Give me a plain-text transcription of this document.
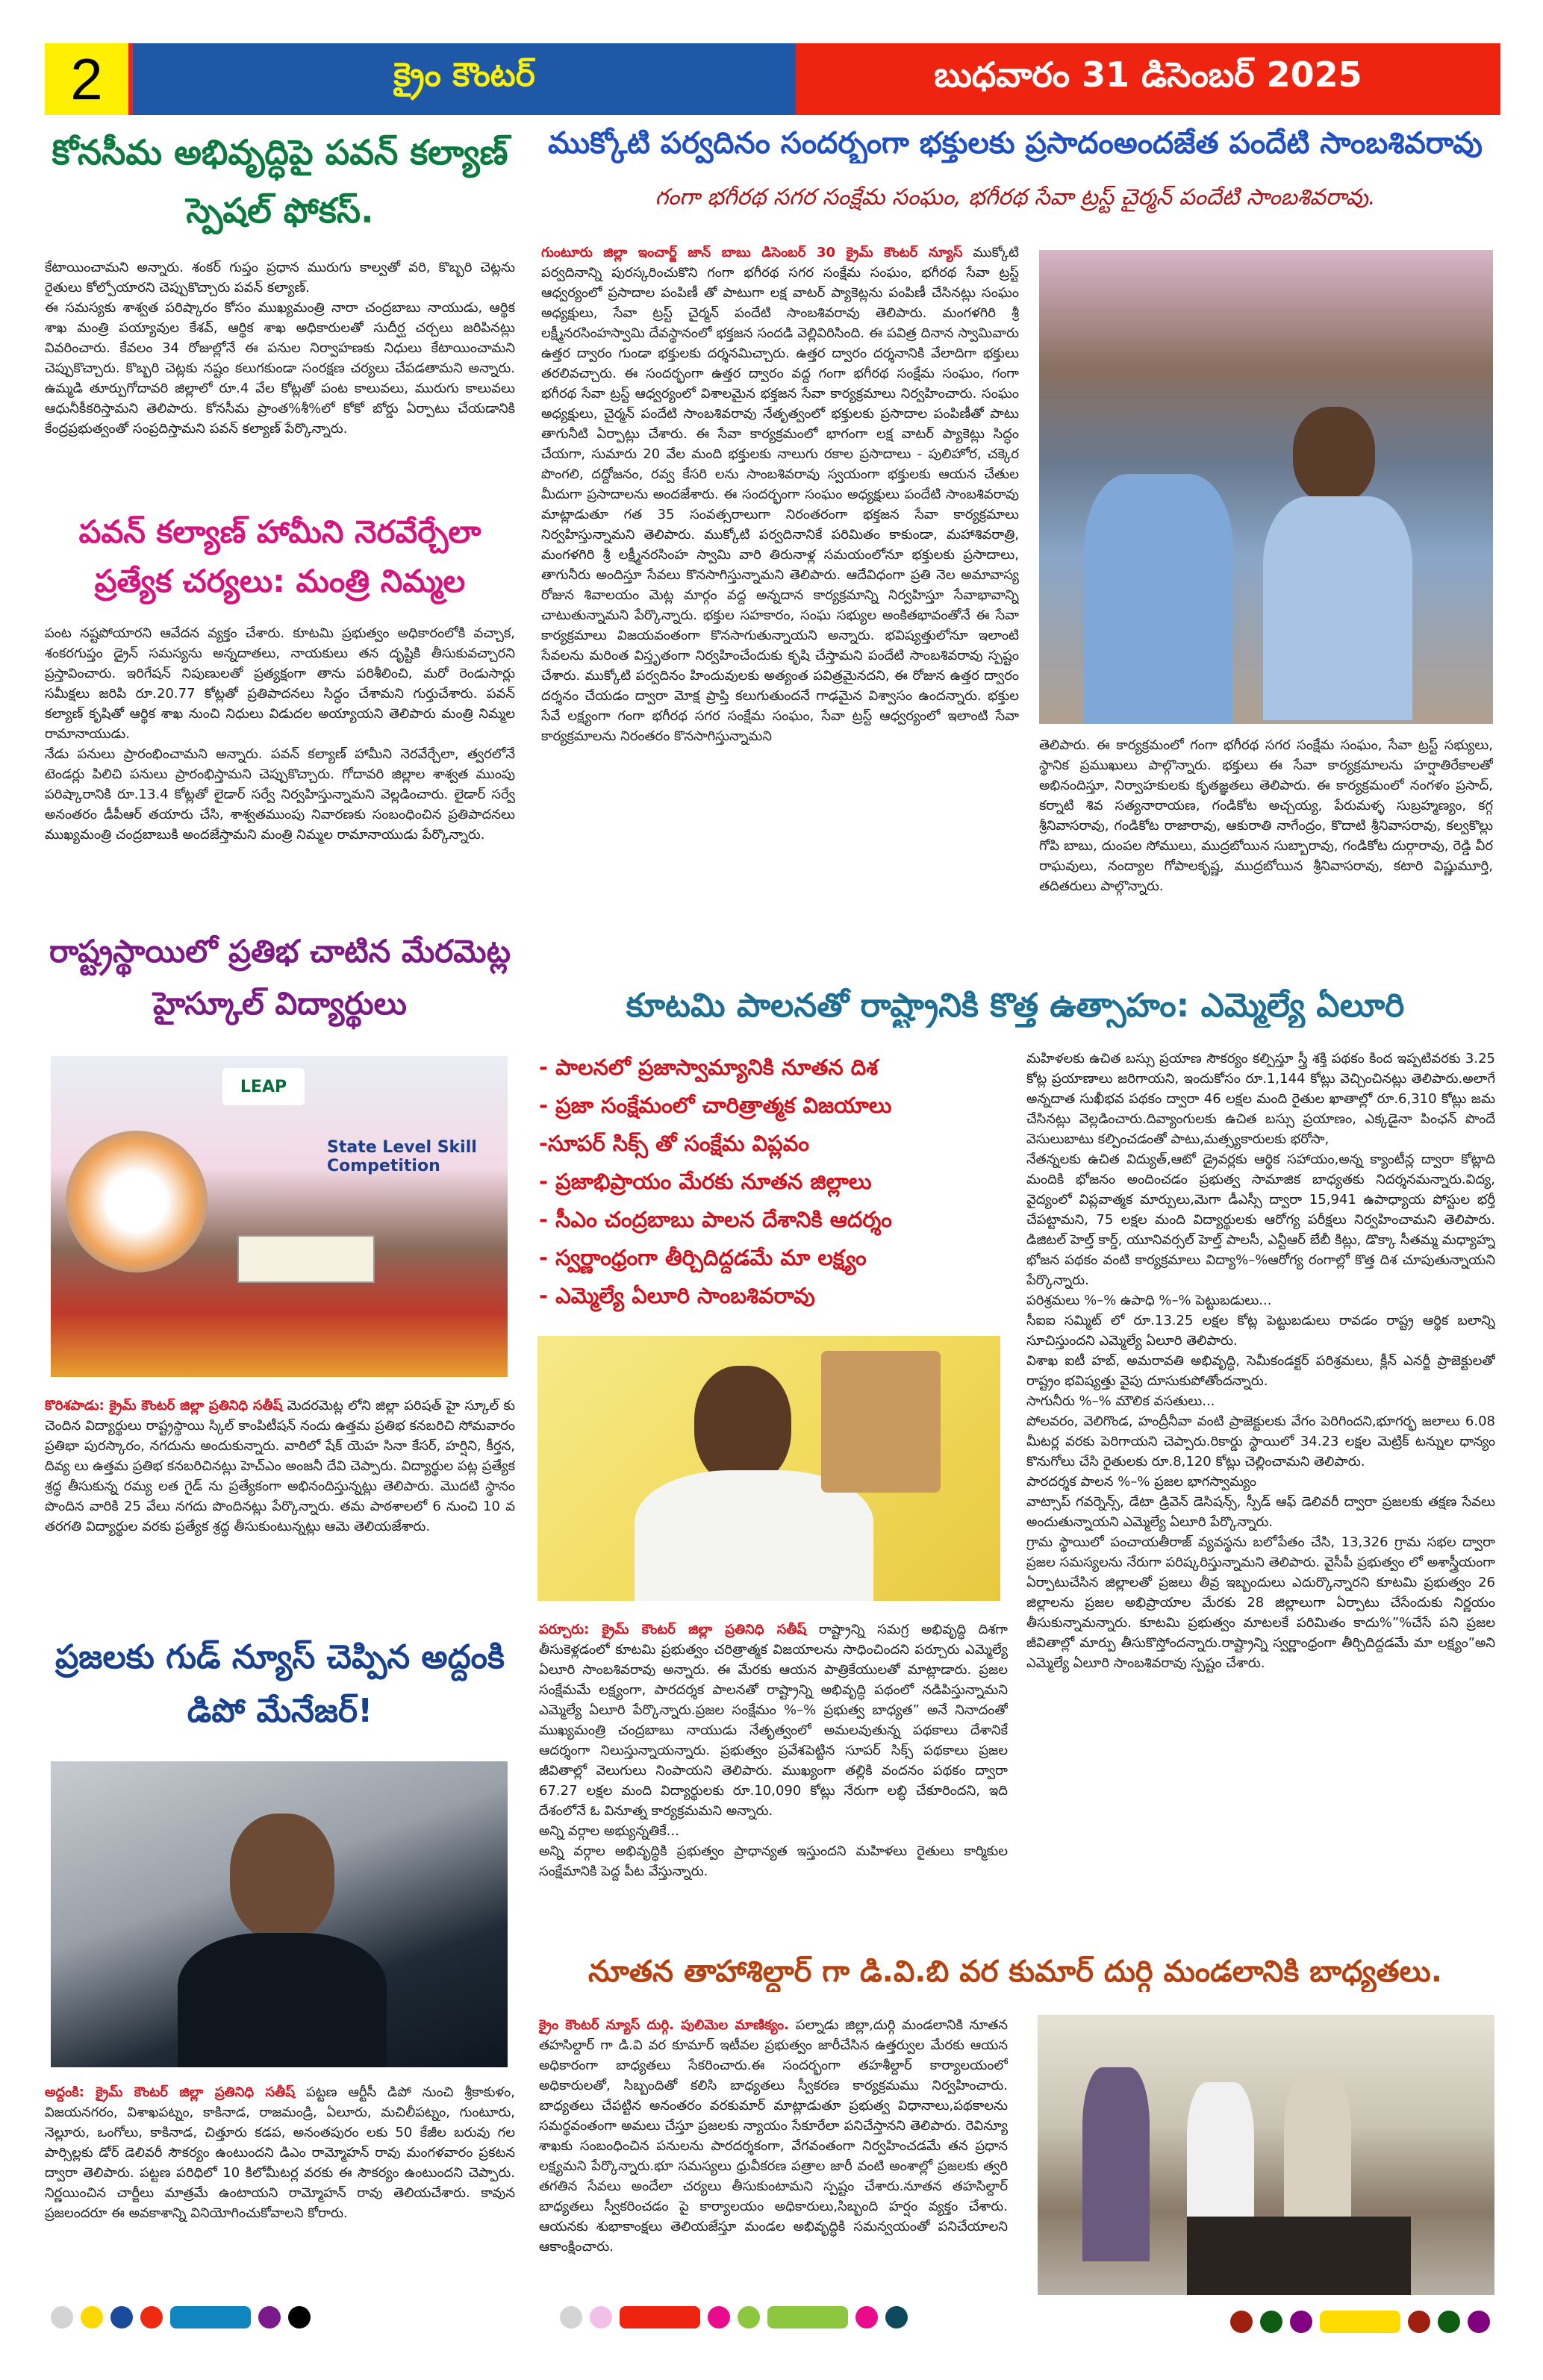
2	క్రైం కౌంటర్	బుధవారం 31 డిసెంబర్ 2025
కోనసీమ అభివృద్ధిపై పవన్ కల్యాణ్ స్పెషల్ ఫోకస్.
కేటాయించామని అన్నారు. శంకర్ గుప్తం ప్రధాన మురుగు కాల్వతో వరి, కొబ్బరి చెట్లను రైతులు కోల్పోయారని చెప్పుకొచ్చారు పవన్ కల్యాణ్.
ఈ సమస్యకు శాశ్వత పరిష్కారం కోసం ముఖ్యమంత్రి నారా చంద్రబాబు నాయుడు, ఆర్థిక శాఖ మంత్రి పయ్యావుల కేశవ్, ఆర్థిక శాఖ అధికారులతో సుదీర్ఘ చర్చలు జరిపినట్లు వివరించారు. కేవలం 34 రోజుల్లోనే ఈ పనుల నిర్వాహణకు నిధులు కేటాయించామని చెప్పుకొచ్చారు. కొబ్బరి చెట్లకు నష్టం కలుగకుండా సంరక్షణ చర్యలు చేపడతామని అన్నారు. ఉమ్మడి తూర్పుగోదావరి జిల్లాలో రూ.4 వేల కోట్లతో పంట కాలువలు, మురుగు కాలువలు ఆధునీకీకరిస్తామని తెలిపారు. కోనసీమ ప్రాంత%శీ%లో కోకో బోర్డు ఏర్పాటు చేయడానికి కేంద్రప్రభుత్వంతో సంప్రదిస్తామని పవన్ కల్యాణ్ పేర్కొన్నారు.
పవన్ కల్యాణ్ హామీని నెరవేర్చేలా ప్రత్యేక చర్యలు: మంత్రి నిమ్మల
పంట నష్టపోయారని ఆవేదన వ్యక్తం చేశారు. కూటమి ప్రభుత్వం అధికారంలోకి వచ్చాక, శంకరగుప్తం డ్రైన్ సమస్యను అన్నదాతలు, నాయకులు తన దృష్టికి తీసుకువచ్చారని ప్రస్తావించారు. ఇరిగేషన్ నిపుణులతో ప్రత్యక్షంగా తాను పరిశీలించి, మరో రెండుసార్లు సమీక్షలు జరిపి రూ.20.77 కోట్లతో ప్రతిపాదనలు సిద్ధం చేశామని గుర్తుచేశారు. పవన్ కల్యాణ్ కృషితో ఆర్థిక శాఖ నుంచి నిధులు విడుదల అయ్యాయని తెలిపారు మంత్రి నిమ్మల రామానాయుడు.
నేడు పనులు ప్రారంభించామని అన్నారు. పవన్ కల్యాణ్ హామీని నెరవేర్చేలా, త్వరలోనే టెండర్లు పిలిచి పనులు ప్రారంభిస్తామని చెప్పుకొచ్చారు. గోదావరి జిల్లాల శాశ్వత ముంపు పరిష్కారానికి రూ.13.4 కోట్లతో లైడార్ సర్వే నిర్వహిస్తున్నామని వెల్లడించారు. లైడార్ సర్వే అనంతరం డీపీఆర్ తయారు చేసి, శాశ్వతముంపు నివారణకు సంబంధించిన ప్రతిపాదనలు ముఖ్యమంత్రి చంద్రబాబుకి అందజేస్తామని మంత్రి నిమ్మల రామానాయుడు పేర్కొన్నారు.
రాష్ట్రస్థాయిలో ప్రతిభ చాటిన మేరమెట్ల హైస్కూల్ విద్యార్థులు
LEAP
State Level Skill Competition
కొరిశపాడు: క్రైమ్ కౌంటర్ జిల్లా ప్రతినిధి సతీష్ మెదరమెట్ల లోని జిల్లా పరిషత్ హై స్కూల్ కు చెందిన విద్యార్థులు రాష్ట్రస్థాయి స్కిల్ కాంపిటీషన్ నందు ఉత్తమ ప్రతిభ కనబరిచి సోమవారం ప్రతిభా పురస్కారం, నగదును అందుకున్నారు. వారిలో షేక్ యెహ సినా కేసర్, హర్షిని, కీర్తన, దివ్య లు ఉత్తమ ప్రతిభ కనబరిచినట్లు హెచ్ఎం అంజనీ దేవి చెప్పారు. విద్యార్థుల పట్ల ప్రత్యేక శ్రద్ధ తీసుకున్న రమ్య లత గైడ్ ను ప్రత్యేకంగా అభినందిస్తున్నట్లు తెలిపారు. మొదటి స్థానం పొందిన వారికి 25 వేలు నగదు పొందినట్లు పేర్కొన్నారు. తమ పాఠశాలలో 6 నుంచి 10 వ తరగతి విద్యార్థుల వరకు ప్రత్యేక శ్రద్ధ తీసుకుంటున్నట్లు ఆమె తెలియజేశారు.
ప్రజలకు గుడ్ న్యూస్ చెప్పిన అద్దంకి డిపో మేనేజర్!
అద్దంకి: క్రైమ్ కౌంటర్ జిల్లా ప్రతినిధి సతీష్ పట్టణ ఆర్టీసీ డిపో నుంచి శ్రీకాకుళం, విజయనగరం, విశాఖపట్నం, కాకినాడ, రాజమండ్రి, ఏలూరు, మచిలీపట్నం, గుంటూరు, నెల్లూరు, ఒంగోలు, కాకినాడ, చిత్తూరు కడప, అనంతపురం లకు 50 కేజీల బరువు గల పార్సిల్లకు డోర్ డెలివరీ సౌకర్యం ఉంటుందని డిఎం రామ్మోహన్ రావు మంగళవారం ప్రకటన ద్వారా తెలిపారు. పట్టణ పరిధిలో 10 కిలోమీటర్ల వరకు ఈ సౌకర్యం ఉంటుందని చెప్పారు. నిర్ణయించిన చార్జీలు మాత్రమే ఉంటాయని రామ్మోహన్ రావు తెలియచేశారు. కావున ప్రజలందరూ ఈ అవకాశాన్ని వినియోగించుకోవాలని కోరారు.
ముక్కోటి పర్వదినం సందర్భంగా భక్తులకు ప్రసాదంఅందజేత పందేటి సాంబశివరావు
గంగా భగీరథ సగర సంక్షేమ సంఘం, భగీరథ సేవా ట్రస్ట్ చైర్మన్ పందేటి సాంబశివరావు.
గుంటూరు జిల్లా ఇంచార్జ్ జాన్ బాబు డిసెంబర్ 30 క్రైమ్ కౌంటర్ న్యూస్ ముక్కోటి పర్వదినాన్ని పురస్కరించుకొని గంగా భగీరథ సగర సంక్షేమ సంఘం, భగీరథ సేవా ట్రస్ట్ ఆధ్వర్యంలో ప్రసాదాల పంపిణీ తో పాటుగా లక్ష వాటర్ ప్యాకెట్లను పంపిణీ చేసినట్లు సంఘం అధ్యక్షులు, సేవా ట్రస్ట్ చైర్మన్ పందేటి సాంబశివరావు తెలిపారు. మంగళగిరి శ్రీ లక్ష్మీనరసింహస్వామి దేవస్థానంలో భక్తజన సందడి వెల్లివిరిసింది. ఈ పవిత్ర దినాన స్వామివారు ఉత్తర ద్వారం గుండా భక్తులకు దర్శనమిచ్చారు. ఉత్తర ద్వారం దర్శనానికి వేలాదిగా భక్తులు తరలివచ్చారు. ఈ సందర్భంగా ఉత్తర ద్వారం వద్ద గంగా భగీరథ సంక్షేమ సంఘం, గంగా భగీరథ సేవా ట్రస్ట్ ఆధ్వర్యంలో విశాలమైన భక్తజన సేవా కార్యక్రమాలు నిర్వహించారు. సంఘం అధ్యక్షులు, చైర్మన్ పందేటి సాంబశివరావు నేతృత్వంలో భక్తులకు ప్రసాదాల పంపిణీతో పాటు తాగునీటి ఏర్పాట్లు చేశారు. ఈ సేవా కార్యక్రమంలో భాగంగా లక్ష వాటర్ ప్యాకెట్లు సిద్ధం చేయగా, సుమారు 20 వేల మంది భక్తులకు నాలుగు రకాల ప్రసాదాలు - పులిహోర, చక్కెర పొంగలి, దద్దోజనం, రవ్వ కేసరి లను సాంబశివరావు స్వయంగా భక్తులకు ఆయన చేతుల మీదుగా ప్రసాదాలను అందజేశారు. ఈ సందర్భంగా సంఘం అధ్యక్షులు పందేటి సాంబశివరావు మాట్లాడుతూ గత 35 సంవత్సరాలుగా నిరంతరంగా భక్తజన సేవా కార్యక్రమాలు నిర్వహిస్తున్నామని తెలిపారు. ముక్కోటి పర్వదినానికే పరిమితం కాకుండా, మహాశివరాత్రి, మంగళగిరి శ్రీ లక్ష్మీనరసింహ స్వామి వారి తిరునాళ్ల సమయంలోనూ భక్తులకు ప్రసాదాలు, తాగునీరు అందిస్తూ సేవలు కొనసాగిస్తున్నామని తెలిపారు. ఆదేవిధంగా ప్రతి నెల అమావాస్య రోజున శివాలయం మెట్ల మార్గం వద్ద అన్నదాన కార్యక్రమాన్ని నిర్వహిస్తూ సేవాభావాన్ని చాటుతున్నామని పేర్కొన్నారు. భక్తుల సహకారం, సంఘ సభ్యుల అంకితభావంతోనే ఈ సేవా కార్యక్రమాలు విజయవంతంగా కొనసాగుతున్నాయని అన్నారు. భవిష్యత్తులోనూ ఇలాంటి సేవలను మరింత విస్తృతంగా నిర్వహించేందుకు కృషి చేస్తామని పందేటి సాంబశివరావు స్పష్టం చేశారు. ముక్కోటి పర్వదినం హిందువులకు అత్యంత పవిత్రమైనదని, ఈ రోజున ఉత్తర ద్వారం దర్శనం చేయడం ద్వారా మోక్ష ప్రాప్తి కలుగుతుందనే గాఢమైన విశ్వాసం ఉందన్నారు. భక్తుల సేవే లక్ష్యంగా గంగా భగీరథ సగర సంక్షేమ సంఘం, సేవా ట్రస్ట్ ఆధ్వర్యంలో ఇలాంటి సేవా కార్యక్రమాలను నిరంతరం కొనసాగిస్తున్నామని
తెలిపారు. ఈ కార్యక్రమంలో గంగా భగీరథ సగర సంక్షేమ సంఘం, సేవా ట్రస్ట్ సభ్యులు, స్థానిక ప్రముఖులు పాల్గొన్నారు. భక్తులు ఈ సేవా కార్యక్రమాలను హర్షాతిరేకాలతో అభినందిస్తూ, నిర్వాహకులకు కృతజ్ఞతలు తెలిపారు. ఈ కార్యక్రమంలో నంగళం ప్రసాద్, కర్నాటి శివ సత్యనారాయణ, గండికోట అచ్చయ్య, పేరుమళ్ళ సుబ్రహ్మణ్యం, కగ్గ శ్రీనివాసరావు, గండికోట రాజారావు, ఆకురాతి నాగేంద్రం, కొదాటి శ్రీనివాసరావు, కల్వకొల్లు గోపి బాబు, దుంపల సోములు, ముద్రబోయిన సుబ్బారావు, గండికోట దుర్గారావు, రెడ్డి వీర రాఘవులు, నంద్యాల గోపాలకృష్ణ, ముద్రబోయిన శ్రీనివాసరావు, కటారి విష్ణుమూర్తి, తదితరులు పాల్గొన్నారు.
కూటమి పాలనతో రాష్ట్రానికి కొత్త ఉత్సాహం: ఎమ్మెల్యే ఏలూరి
- పాలనలో ప్రజాస్వామ్యానికి నూతన దిశ
- ప్రజా సంక్షేమంలో చారిత్రాత్మక విజయాలు
-సూపర్ సిక్స్ తో సంక్షేమ విప్లవం
- ప్రజాభిప్రాయం మేరకు నూతన జిల్లాలు
- సీఎం చంద్రబాబు పాలన దేశానికి ఆదర్శం
- స్వర్ణాంధ్రంగా తీర్చిదిద్దడమే మా లక్ష్యం
- ఎమ్మెల్యే ఏలూరి సాంబశివరావు
పర్చూరు: క్రైమ్ కౌంటర్ జిల్లా ప్రతినిధి సతీష్ రాష్ట్రాన్ని సమగ్ర అభివృద్ధి దిశగా తీసుకెళ్లడంలో కూటమి ప్రభుత్వం చరిత్రాత్మక విజయాలను సాధించిందని పర్చూరు ఎమ్మెల్యే ఏలూరి సాంబశివరావు అన్నారు. ఈ మేరకు ఆయన పాత్రికేయులతో మాట్లాడారు. ప్రజల సంక్షేమమే లక్ష్యంగా, పారదర్శక పాలనతో రాష్ట్రాన్ని అభివృద్ధి పథంలో నడిపిస్తున్నామని ఎమ్మెల్యే ఏలూరి పేర్కొన్నారు.ప్రజల సంక్షేమం %–% ప్రభుత్వ బాధ్యత” అనే నినాదంతో ముఖ్యమంత్రి చంద్రబాబు నాయుడు నేతృత్వంలో అమలవుతున్న పథకాలు దేశానికే ఆదర్శంగా నిలుస్తున్నాయన్నారు. ప్రభుత్వం ప్రవేశపెట్టిన సూపర్ సిక్స్ పథకాలు ప్రజల జీవితాల్లో వెలుగులు నింపాయని తెలిపారు. ముఖ్యంగా తల్లికి వందనం పథకం ద్వారా 67.27 లక్షల మంది విద్యార్థులకు రూ.10,090 కోట్లు నేరుగా లబ్ధి చేకూరిందని, ఇది దేశంలోనే ఓ వినూత్న కార్యక్రమమని అన్నారు.
అన్ని వర్గాల అభ్యున్నతికే...
అన్ని వర్గాల అభివృద్ధికి ప్రభుత్వం ప్రాధాన్యత ఇస్తుందని మహిళలు రైతులు కార్మికుల సంక్షేమానికి పెద్ద పీట వేస్తున్నారు.
మహిళలకు ఉచిత బస్సు ప్రయాణ సౌకర్యం కల్పిస్తూ స్త్రీ శక్తి పథకం కింద ఇప్పటివరకు 3.25 కోట్ల ప్రయాణాలు జరిగాయని, ఇందుకోసం రూ.1,144 కోట్లు వెచ్చించినట్లు తెలిపారు.అలాగే అన్నదాత సుఖీభవ పథకం ద్వారా 46 లక్షల మంది రైతుల ఖాతాల్లో రూ.6,310 కోట్లు జమ చేసినట్లు వెల్లడించారు.దివ్యాంగులకు ఉచిత బస్సు ప్రయాణం, ఎక్కడైనా పింఛన్ పొందే వెసులుబాటు కల్పించడంతో పాటు,మత్స్యకారులకు భరోసా,
నేతన్నలకు ఉచిత విద్యుత్,ఆటో డ్రైవర్లకు ఆర్థిక సహాయం,అన్న క్యాంటీన్ల ద్వారా కోట్లాది మందికి భోజనం అందించడం ప్రభుత్వ సామాజిక బాధ్యతకు నిదర్శనమన్నారు.విద్య, వైద్యంలో విప్లవాత్మక మార్పులు,మెగా డీఎస్సీ ద్వారా 15,941 ఉపాధ్యాయ పోస్టుల భర్తీ చేపట్టామని, 75 లక్షల మంది విద్యార్థులకు ఆరోగ్య పరీక్షలు నిర్వహించామని తెలిపారు. డిజిటల్ హెల్త్ కార్డ్, యూనివర్సల్ హెల్త్ పాలసీ, ఎన్టీఆర్ బేబీ కిట్లు, డొక్కా సీతమ్మ మధ్యాహ్న భోజన పథకం వంటి కార్యక్రమాలు విద్యా%–%ఆరోగ్య రంగాల్లో కొత్త దిశ చూపుతున్నాయని పేర్కొన్నారు.
పరిశ్రమలు %–% ఉపాధి %–% పెట్టుబడులు...
సీఐఐ సమ్మిట్ లో రూ.13.25 లక్షల కోట్ల పెట్టుబడులు రావడం రాష్ట్ర ఆర్థిక బలాన్ని సూచిస్తుందని ఎమ్మెల్యే ఏలూరి తెలిపారు.
విశాఖ ఐటీ హబ్, అమరావతి అభివృద్ధి, సెమీకండక్టర్ పరిశ్రమలు, క్లీన్ ఎనర్జీ ప్రాజెక్టులతో రాష్ట్రం భవిష్యత్తు వైపు దూసుకుపోతోందన్నారు.
సాగునీరు %–% మౌలిక వసతులు...
పోలవరం, వెలిగొండ, హంద్రీనీవా వంటి ప్రాజెక్టులకు వేగం పెరిగిందని,భూగర్భ జలాలు 6.08 మీటర్ల వరకు పెరిగాయని చెప్పారు.రికార్డు స్థాయిలో 34.23 లక్షల మెట్రిక్ టన్నుల ధాన్యం కొనుగోలు చేసి రైతులకు రూ.8,120 కోట్లు చెల్లించామని తెలిపారు.
పారదర్శక పాలన %–% ప్రజల భాగస్వామ్యం
వాట్సాప్ గవర్నెన్స్, డేటా డ్రివెన్ డెసిషన్స్, స్పీడ్ ఆఫ్ డెలివరీ ద్వారా ప్రజలకు తక్షణ సేవలు అందుతున్నాయని ఎమ్మెల్యే ఏలూరి పేర్కొన్నారు.
గ్రామ స్థాయిలో పంచాయతీరాజ్ వ్యవస్థను బలోపేతం చేసి, 13,326 గ్రామ సభల ద్వారా ప్రజల సమస్యలను నేరుగా పరిష్కరిస్తున్నామని తెలిపారు. వైసీపీ ప్రభుత్వం లో అశాస్త్రీయంగా ఏర్పాటుచేసిన జిల్లాలతో ప్రజలు తీవ్ర ఇబ్బందులు ఎదుర్కొన్నారని కూటమి ప్రభుత్వం 26 జిల్లాలను ప్రజల అభిప్రాయాల మేరకు 28 జిల్లాలుగా ఏర్పాటు చేసేందుకు నిర్ణయం తీసుకున్నామన్నారు. కూటమి ప్రభుత్వం మాటలకే పరిమితం కాదు%”%చేసే పని ప్రజల జీవితాల్లో మార్పు తీసుకొస్తోందన్నారు.రాష్ట్రాన్ని స్వర్ణాంధ్రంగా తీర్చిదిద్దడమే మా లక్ష్యం”అని ఎమ్మెల్యే ఏలూరి సాంబశివరావు స్పష్టం చేశారు.
నూతన తాహాశిల్దార్ గా డి.వి.బి వర కుమార్ దుర్గి మండలానికి బాధ్యతలు.
క్రైం కౌంటర్ న్యూస్ దుర్గి. పులిమెల మాణిక్యం. పల్నాడు జిల్లా,దుర్గి మండలానికి నూతన తహసిల్దార్ గా డి.వి వర కూమార్ ఇటీవల ప్రభుత్వం జారీచేసిన ఉత్తర్వుల మేరకు ఆయన అధికారంగా బాధ్యతలు సేకరించారు.ఈ సందర్భంగా తహశీల్దార్ కార్యాలయంలో అధికారులతో, సిబ్బందితో కలిసి బాధ్యతలు స్వీకరణ కార్యక్రమము నిర్వహించారు. బాధ్యతలు చేపట్టిన అనంతరం వరకుమార్ మాట్లాడుతూ ప్రభుత్వ విధానాలు,పథకాలను సమర్థవంతంగా అమలు చేస్తూ ప్రజలకు న్యాయం సేకూరేలా పనిచేస్తానని తెలిపారు. రెవిన్యూ శాఖకు సంబంధించిన పనులను పారదర్శకంగా, వేగవంతంగా నిర్వహించడమే తన ప్రధాన లక్ష్యమని పేర్కొన్నారు.భూ సమస్యలు ధ్రువీకరణ పత్రాల జారీ వంటి అంశాల్లో ప్రజలకు త్వరి తగతిన సేవలు అందేలా చర్యలు తీసుకుంటామని స్పష్టం చేశారు.నూతన తహసిల్దార్ బాధ్యతలు స్వీకరించడం పై కార్యాలయం అధికారులు,సిబ్బంది హర్షం వ్యక్తం చేశారు. ఆయనకు శుభాకాంక్షలు తెలియజేస్తూ మండల అభివృద్ధికి సమన్వయంతో పనిచేయాలని ఆకాంక్షించారు.
